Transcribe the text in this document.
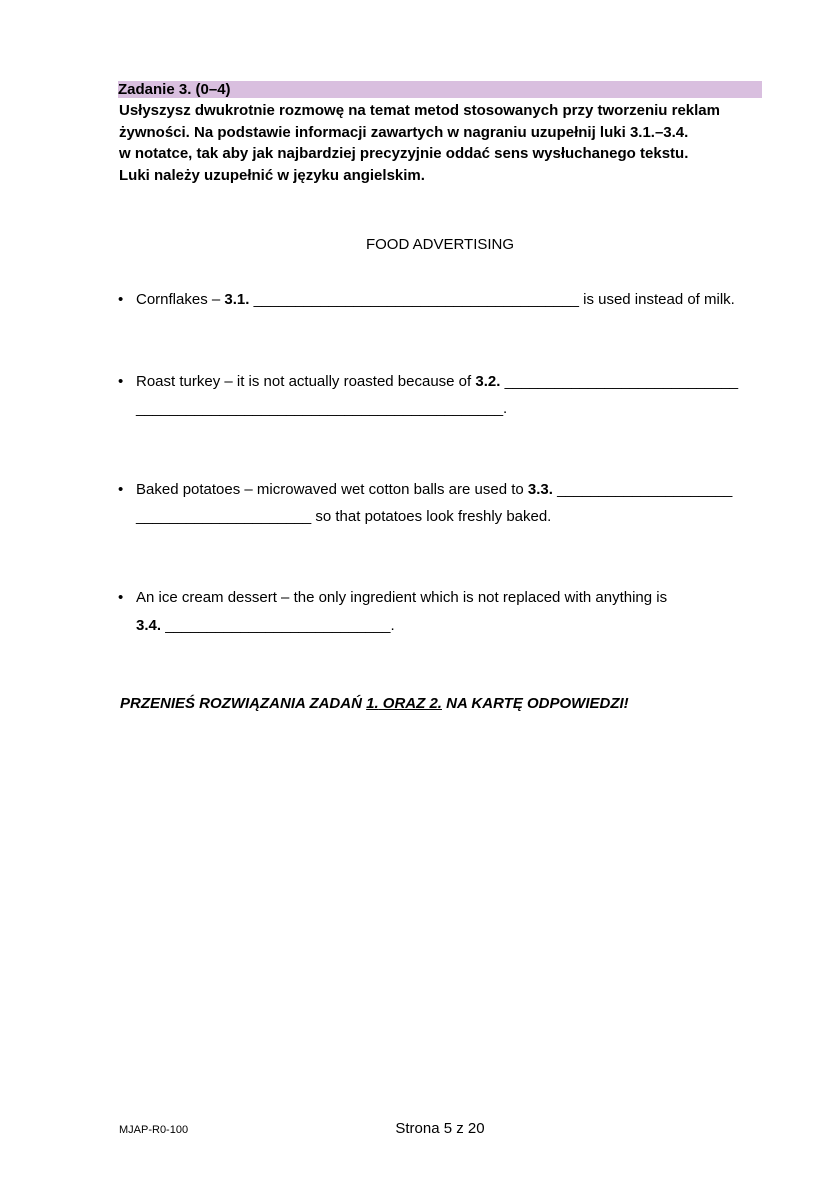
Zadanie 3. (0–4)
Usłyszysz dwukrotnie rozmowę na temat metod stosowanych przy tworzeniu reklam
żywności. Na podstawie informacji zawartych w nagraniu uzupełnij luki 3.1.–3.4.
w notatce, tak aby jak najbardziej precyzyjnie oddać sens wysłuchanego tekstu.
Luki należy uzupełnić w języku angielskim.
FOOD ADVERTISING
• Cornflakes – 3.1. _______________________________________ is used instead of milk.
• Roast turkey – it is not actually roasted because of 3.2. ____________________________
____________________________________________.
• Baked potatoes – microwaved wet cotton balls are used to 3.3. _____________________
_____________________ so that potatoes look freshly baked.
• An ice cream dessert – the only ingredient which is not replaced with anything is
3.4. ___________________________.
PRZENIEŚ ROZWIĄZANIA ZADAŃ 1. ORAZ 2. NA KARTĘ ODPOWIEDZI!
MJAP-R0-100	Strona 5 z 20
